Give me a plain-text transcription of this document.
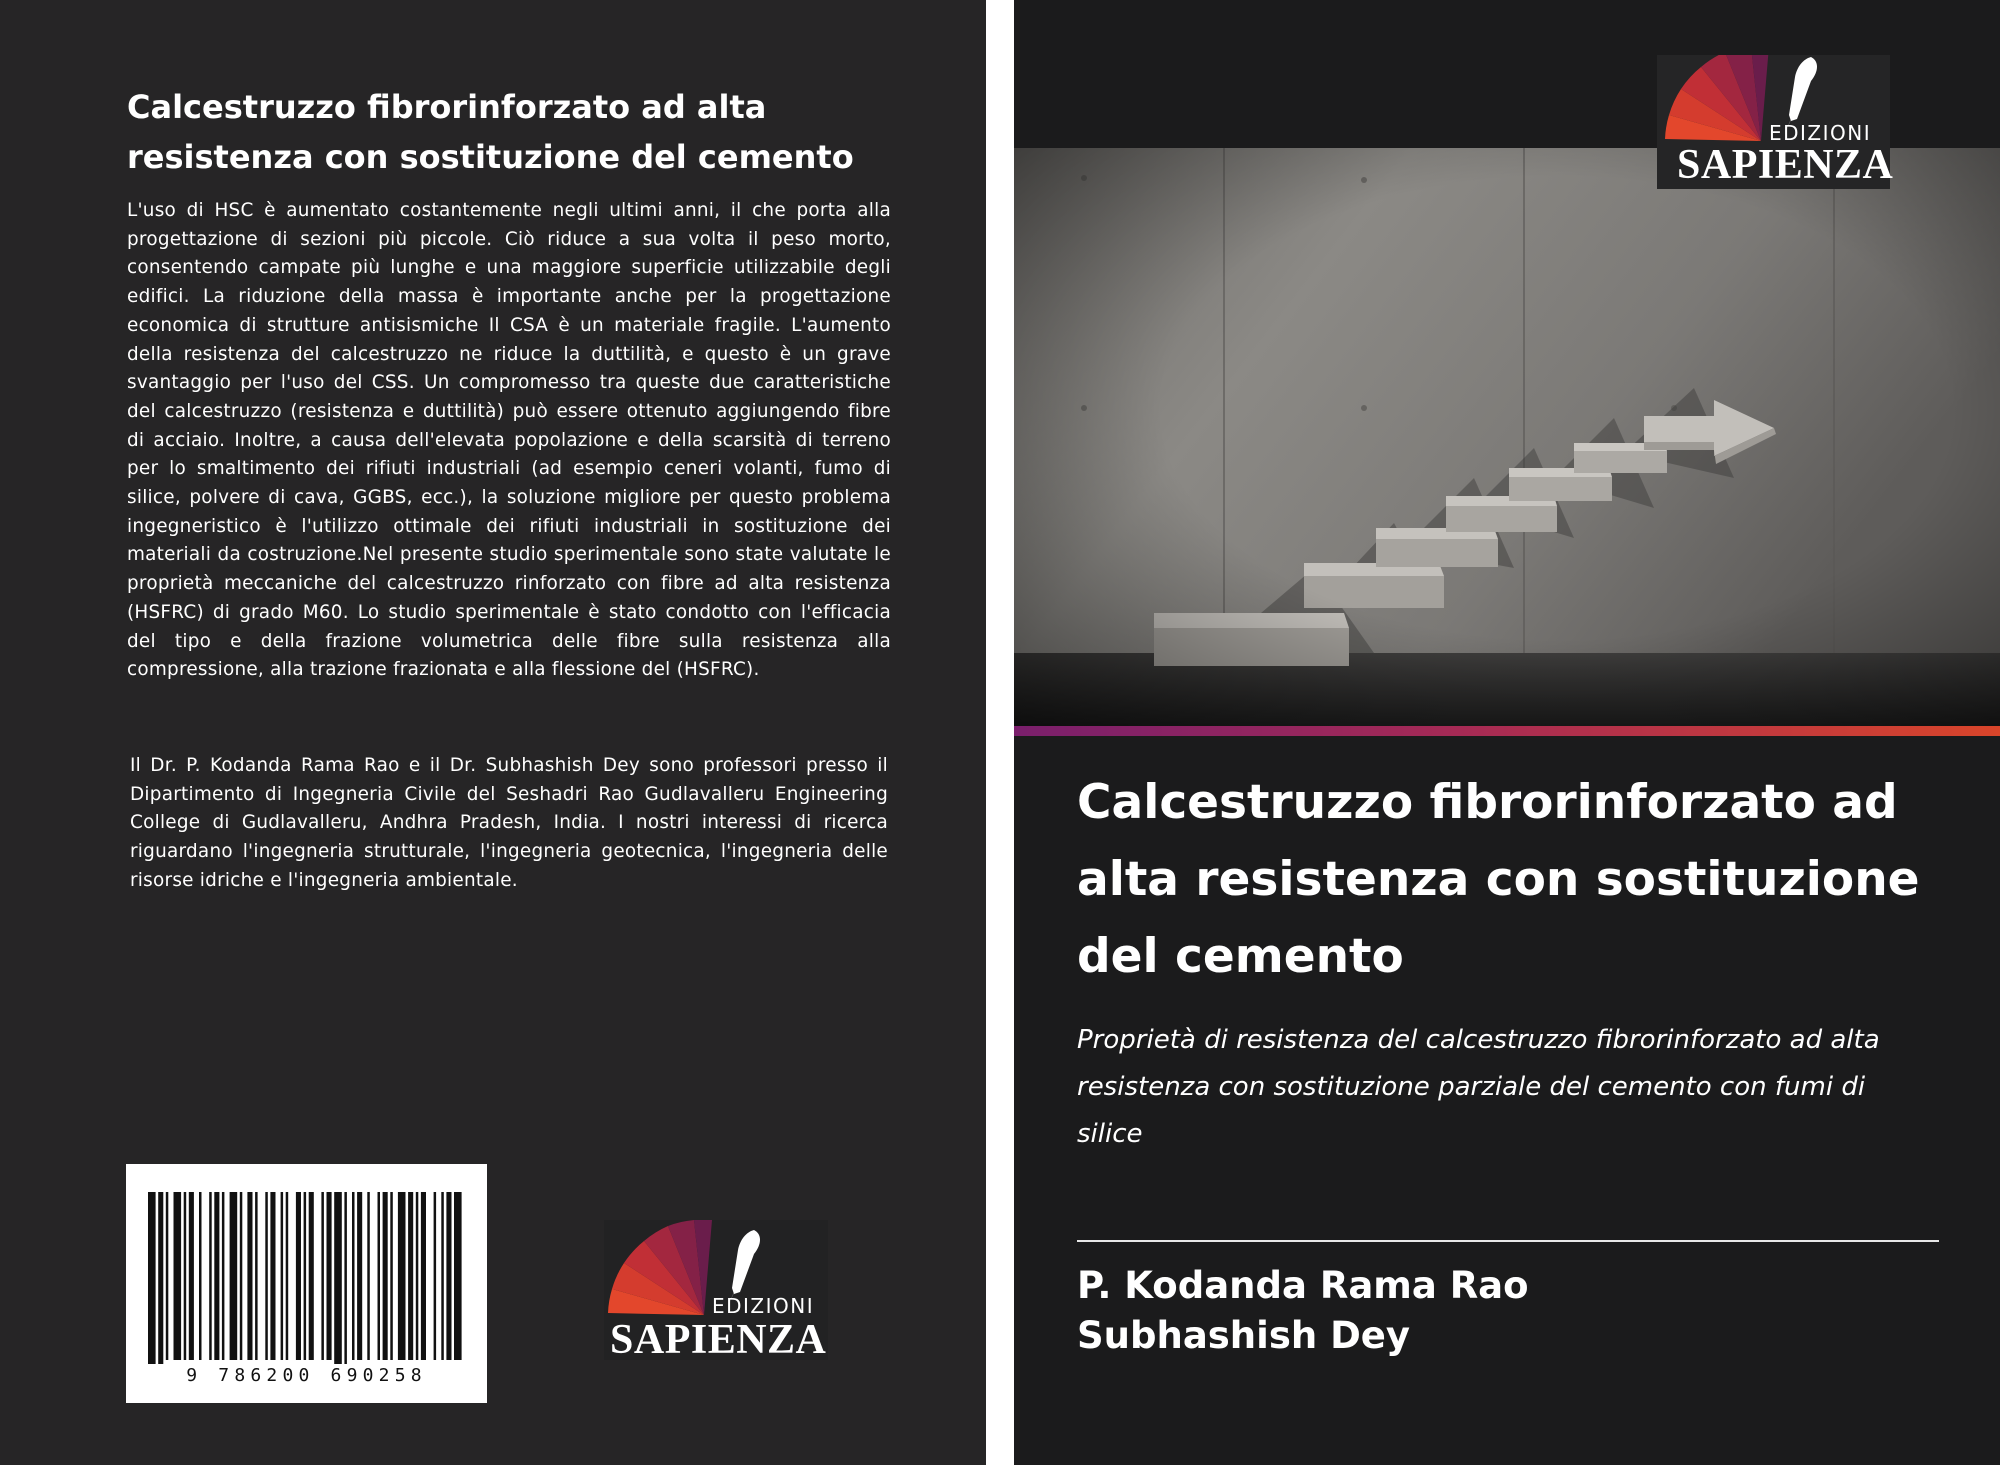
Calcestruzzo fibrorinforzato ad alta resistenza con sostituzione del cemento
L'uso di HSC è aumentato costantemente negli ultimi anni, il che porta alla progettazione di sezioni più piccole. Ciò riduce a sua volta il peso morto, consentendo campate più lunghe e una maggiore superficie utilizzabile degli edifici. La riduzione della massa è importante anche per la progettazione economica di strutture antisismiche Il CSA è un materiale fragile. L'aumento della resistenza del calcestruzzo ne riduce la duttilità, e questo è un grave svantaggio per l'uso del CSS. Un compromesso tra queste due caratteristiche del calcestruzzo (resistenza e duttilità) può essere ottenuto aggiungendo fibre di acciaio. Inoltre, a causa dell'elevata popolazione e della scarsità di terreno per lo smaltimento dei rifiuti industriali (ad esempio ceneri volanti, fumo di silice, polvere di cava, GGBS, ecc.), la soluzione migliore per questo problema ingegneristico è l'utilizzo ottimale dei rifiuti industriali in sostituzione dei materiali da costruzione.Nel presente studio sperimentale sono state valutate le proprietà meccaniche del calcestruzzo rinforzato con fibre ad alta resistenza (HSFRC) di grado M60. Lo studio sperimentale è stato condotto con l'efficacia del tipo e della frazione volumetrica delle fibre sulla resistenza alla compressione, alla trazione frazionata e alla flessione del (HSFRC).
Il Dr. P. Kodanda Rama Rao e il Dr. Subhashish Dey sono professori presso il Dipartimento di Ingegneria Civile del Seshadri Rao Gudlavalleru Engineering College di Gudlavalleru, Andhra Pradesh, India. I nostri interessi di ricerca riguardano l'ingegneria strutturale, l'ingegneria geotecnica, l'ingegneria delle risorse idriche e l'ingegneria ambientale.
9 786200 690258
EDIZIONI
SAPIENZA
EDIZIONI
SAPIENZA
Calcestruzzo fibrorinforzato ad alta resistenza con sostituzione del cemento
Proprietà di resistenza del calcestruzzo fibrorinforzato ad alta resistenza con sostituzione parziale del cemento con fumi di silice
P. Kodanda Rama Rao
Subhashish Dey
